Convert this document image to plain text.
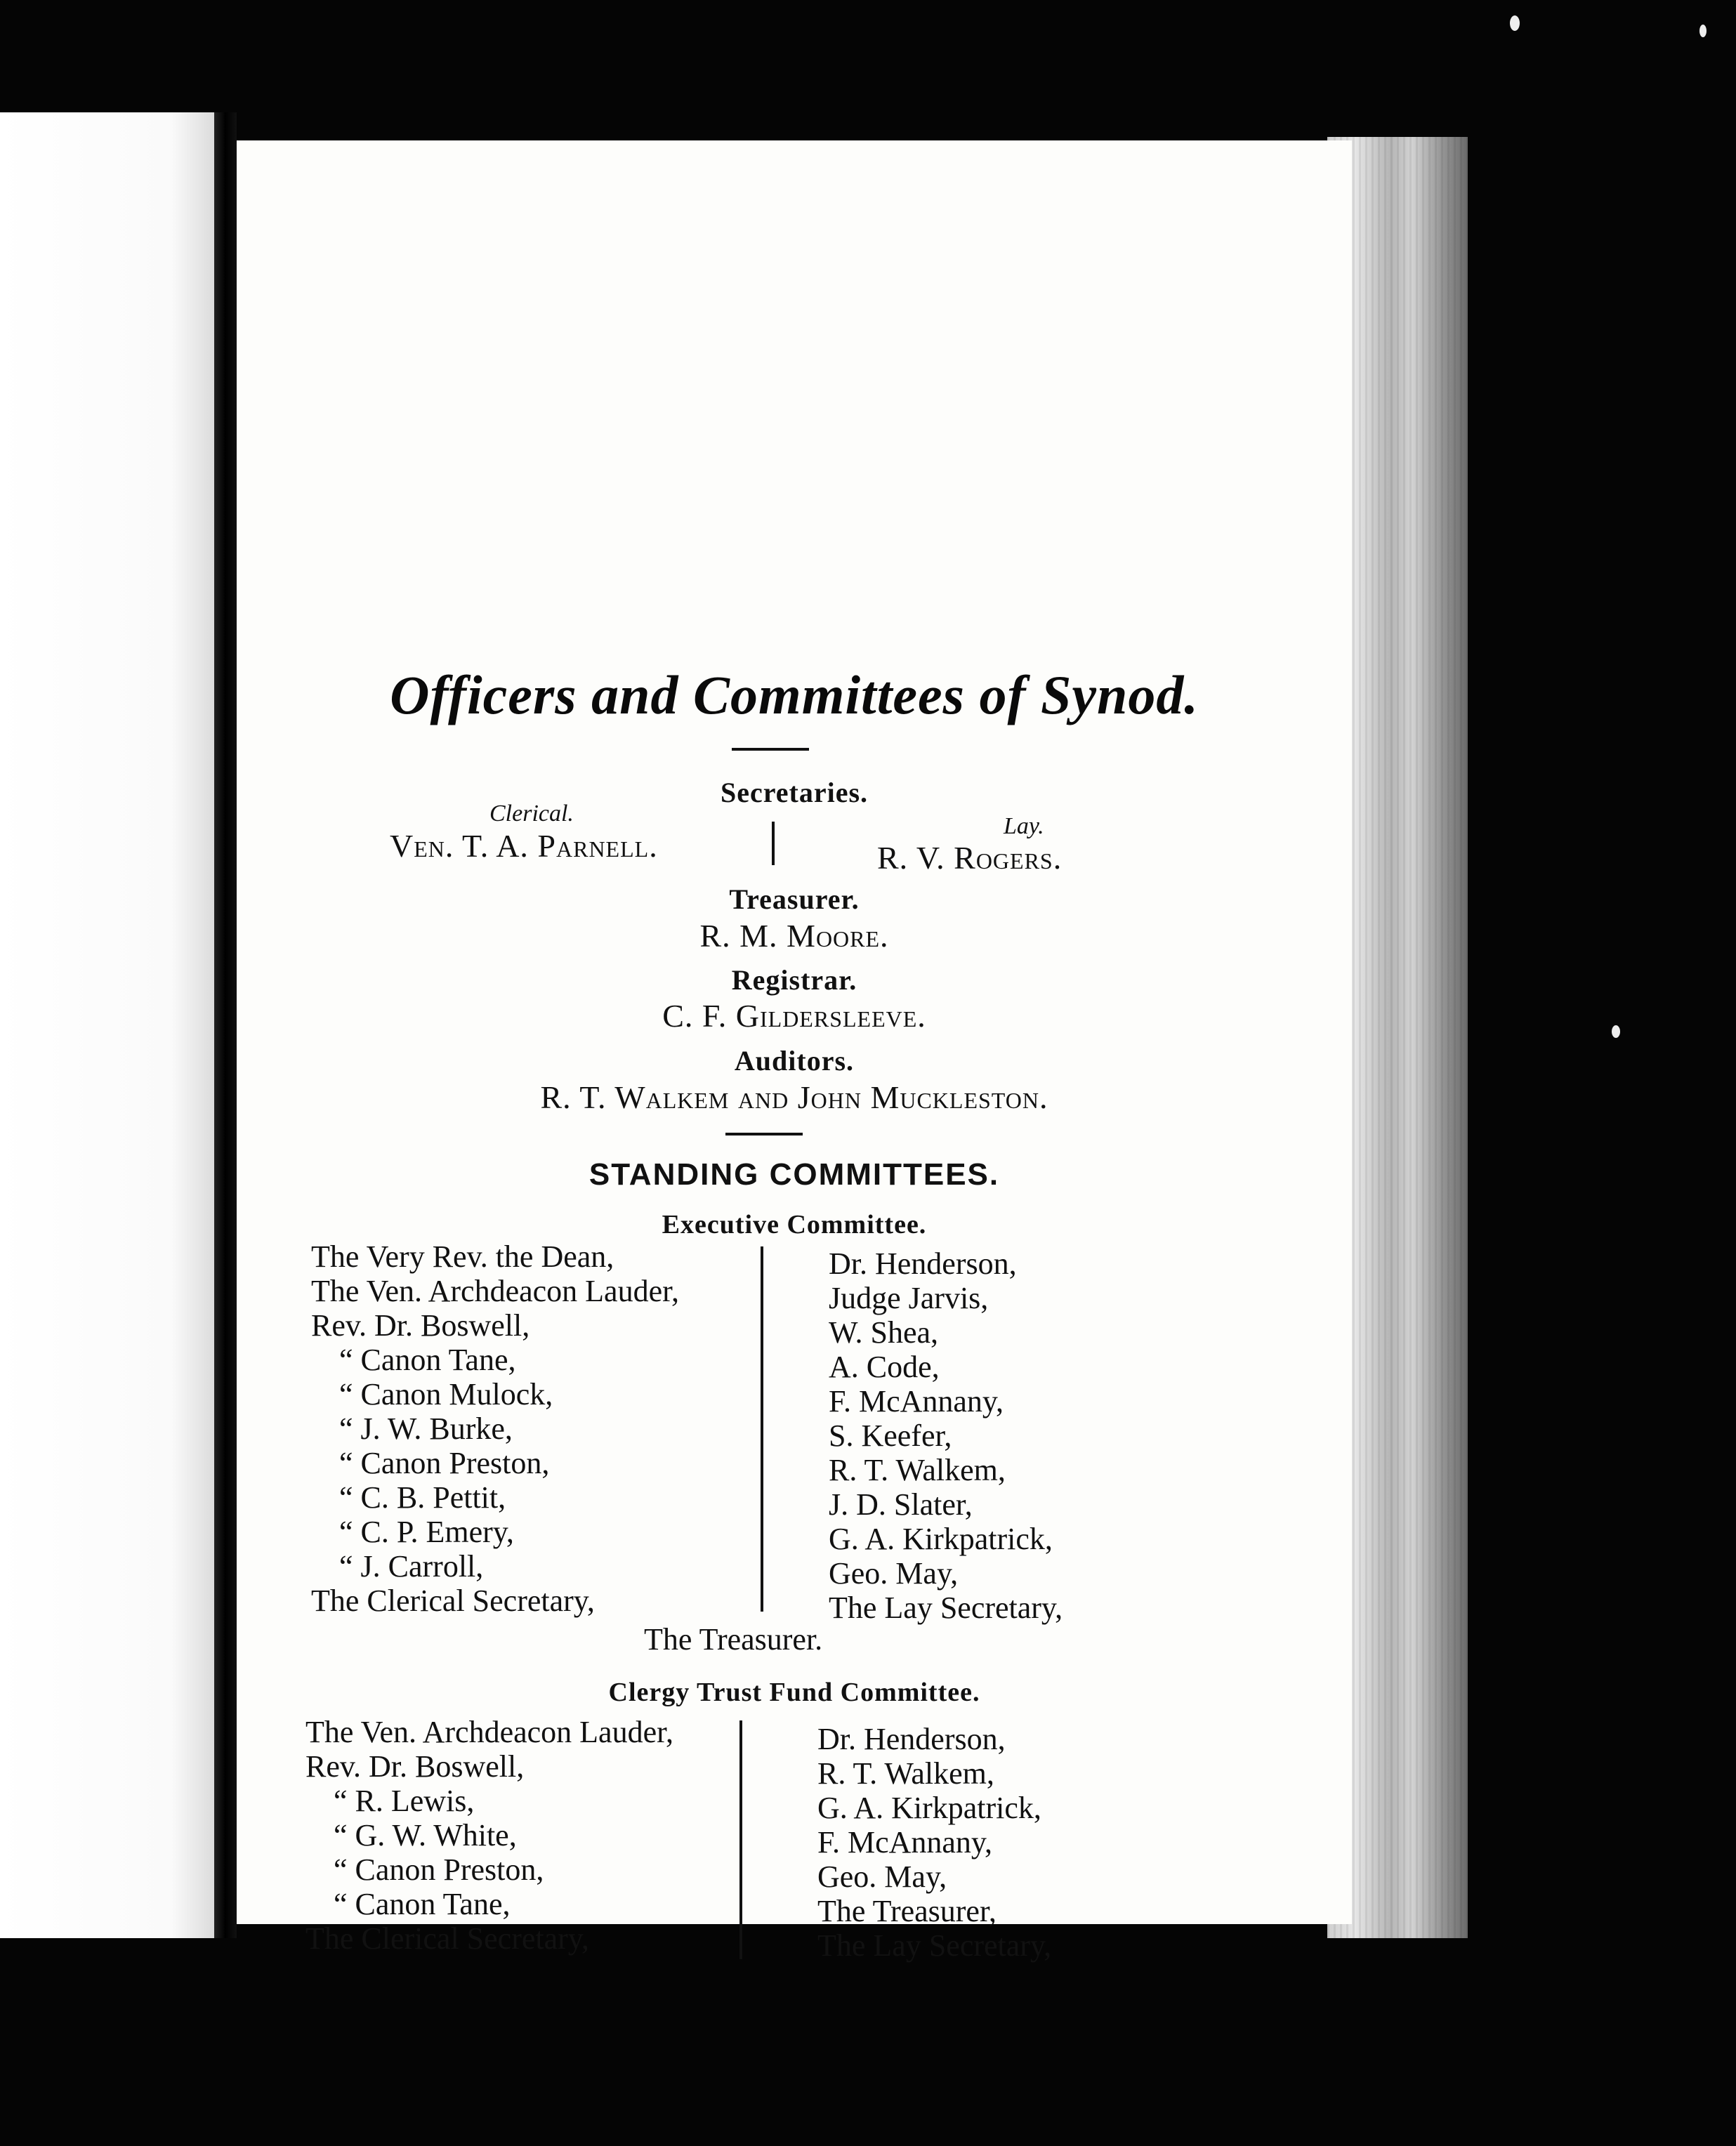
Officers and Committees of Synod.
Secretaries.
Clerical.
Ven. T. A. Parnell.
Lay.
R. V. Rogers.
Treasurer.
R. M. Moore.
Registrar.
C. F. Gildersleeve.
Auditors.
R. T. Walkem and John Muckleston.
STANDING COMMITTEES.
Executive Committee.
The Very Rev. the Dean,
The Ven. Archdeacon Lauder,
Rev. Dr. Boswell,
“ Canon Tane,
“ Canon Mulock,
“ J. W. Burke,
“ Canon Preston,
“ C. B. Pettit,
“ C. P. Emery,
“ J. Carroll,
The Clerical Secretary,
Dr. Henderson,
Judge Jarvis,
W. Shea,
A. Code,
F. McAnnany,
S. Keefer,
R. T. Walkem,
J. D. Slater,
G. A. Kirkpatrick,
Geo. May,
The Lay Secretary,
The Treasurer.
Clergy Trust Fund Committee.
The Ven. Archdeacon Lauder,
Rev. Dr. Boswell,
“ R. Lewis,
“ G. W. White,
“ Canon Preston,
“ Canon Tane,
The Clerical Secretary,
Dr. Henderson,
R. T. Walkem,
G. A. Kirkpatrick,
F. McAnnany,
Geo. May,
The Treasurer,
The Lay Secretary,
